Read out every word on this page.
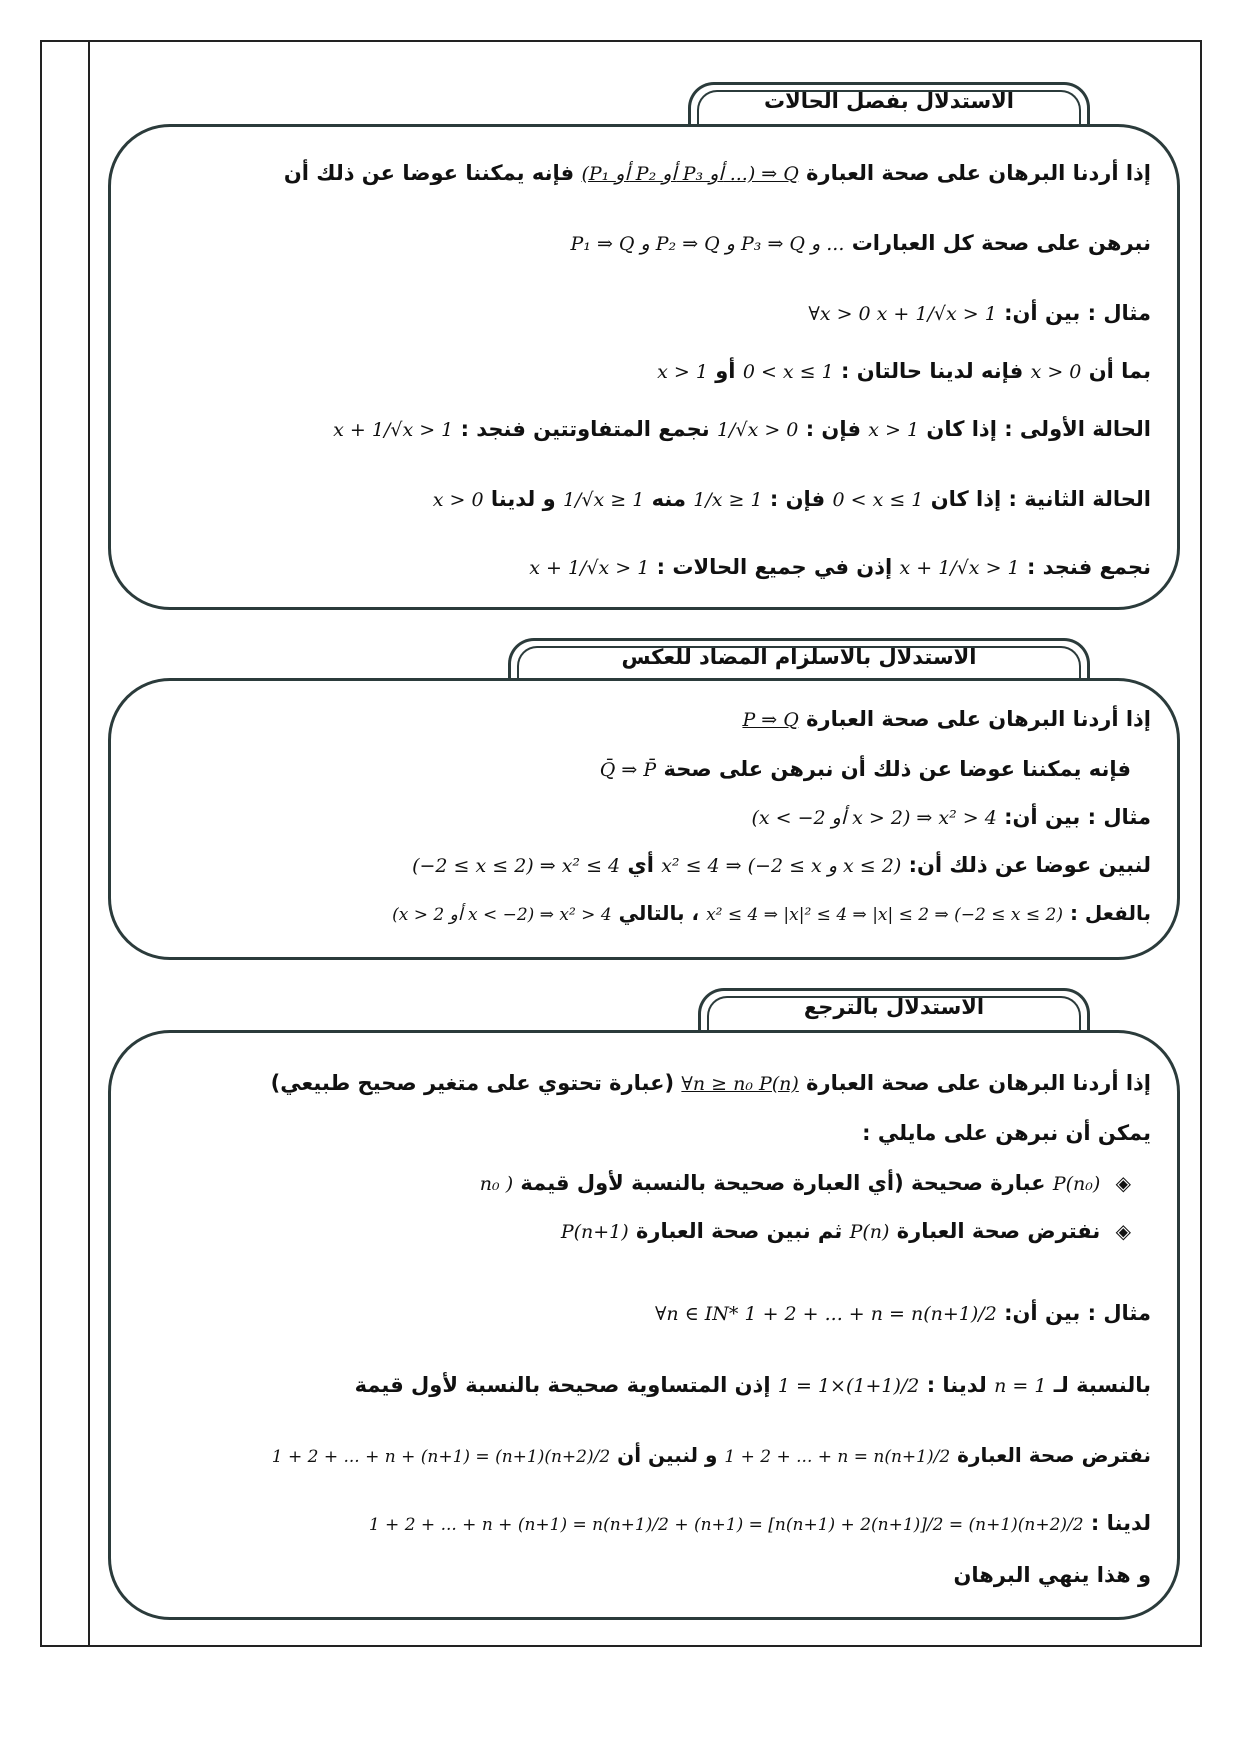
الاستدلال بفصل الحالات
إذا أردنا البرهان على صحة العبارة (P₁ أو P₂ أو P₃ أو ...) ⇒ Q فإنه يمكننا عوضا عن ذلك أن
نبرهن على صحة كل العبارات P₁ ⇒ Q و P₂ ⇒ Q و P₃ ⇒ Q و ...
مثال : بين أن: ∀x > 0 x + 1/√x > 1
بما أن x > 0 فإنه لدينا حالتان : 0 < x ≤ 1 أو x > 1
الحالة الأولى : إذا كان x > 1 فإن : 1/√x > 0 نجمع المتفاوتتين فنجد : x + 1/√x > 1
الحالة الثانية : إذا كان 0 < x ≤ 1 فإن : 1/x ≥ 1 منه 1/√x ≥ 1 و لدينا x > 0
نجمع فنجد : x + 1/√x > 1 إذن في جميع الحالات : x + 1/√x > 1
الاستدلال بالاسلزام المضاد للعكس
إذا أردنا البرهان على صحة العبارة P ⇒ Q
فإنه يمكننا عوضا عن ذلك أن نبرهن على صحة Q̄ ⇒ P̄
مثال : بين أن: (x < −2 أو x > 2) ⇒ x² > 4
لنبين عوضا عن ذلك أن: x² ≤ 4 ⇒ (−2 ≤ x و x ≤ 2) أي (−2 ≤ x ≤ 2) ⇒ x² ≤ 4
بالفعل : x² ≤ 4 ⇒ |x|² ≤ 4 ⇒ |x| ≤ 2 ⇒ (−2 ≤ x ≤ 2) ، بالتالي (x > 2 أو x < −2) ⇒ x² > 4
الاستدلال بالترجع
إذا أردنا البرهان على صحة العبارة ∀n ≥ n₀ P(n) (عبارة تحتوي على متغير صحيح طبيعي)
يمكن أن نبرهن على مايلي :
◈ P(n₀) عبارة صحيحة (أي العبارة صحيحة بالنسبة لأول قيمة n₀ )
◈ نفترض صحة العبارة P(n) ثم نبين صحة العبارة P(n+1)
مثال : بين أن: ∀n ∈ IN* 1 + 2 + ... + n = n(n+1)/2
بالنسبة لـ n = 1 لدينا : 1 = 1×(1+1)/2 إذن المتساوية صحيحة بالنسبة لأول قيمة
نفترض صحة العبارة 1 + 2 + ... + n = n(n+1)/2 و لنبين أن 1 + 2 + ... + n + (n+1) = (n+1)(n+2)/2
لدينا : 1 + 2 + ... + n + (n+1) = n(n+1)/2 + (n+1) = [n(n+1) + 2(n+1)]/2 = (n+1)(n+2)/2
و هذا ينهي البرهان
